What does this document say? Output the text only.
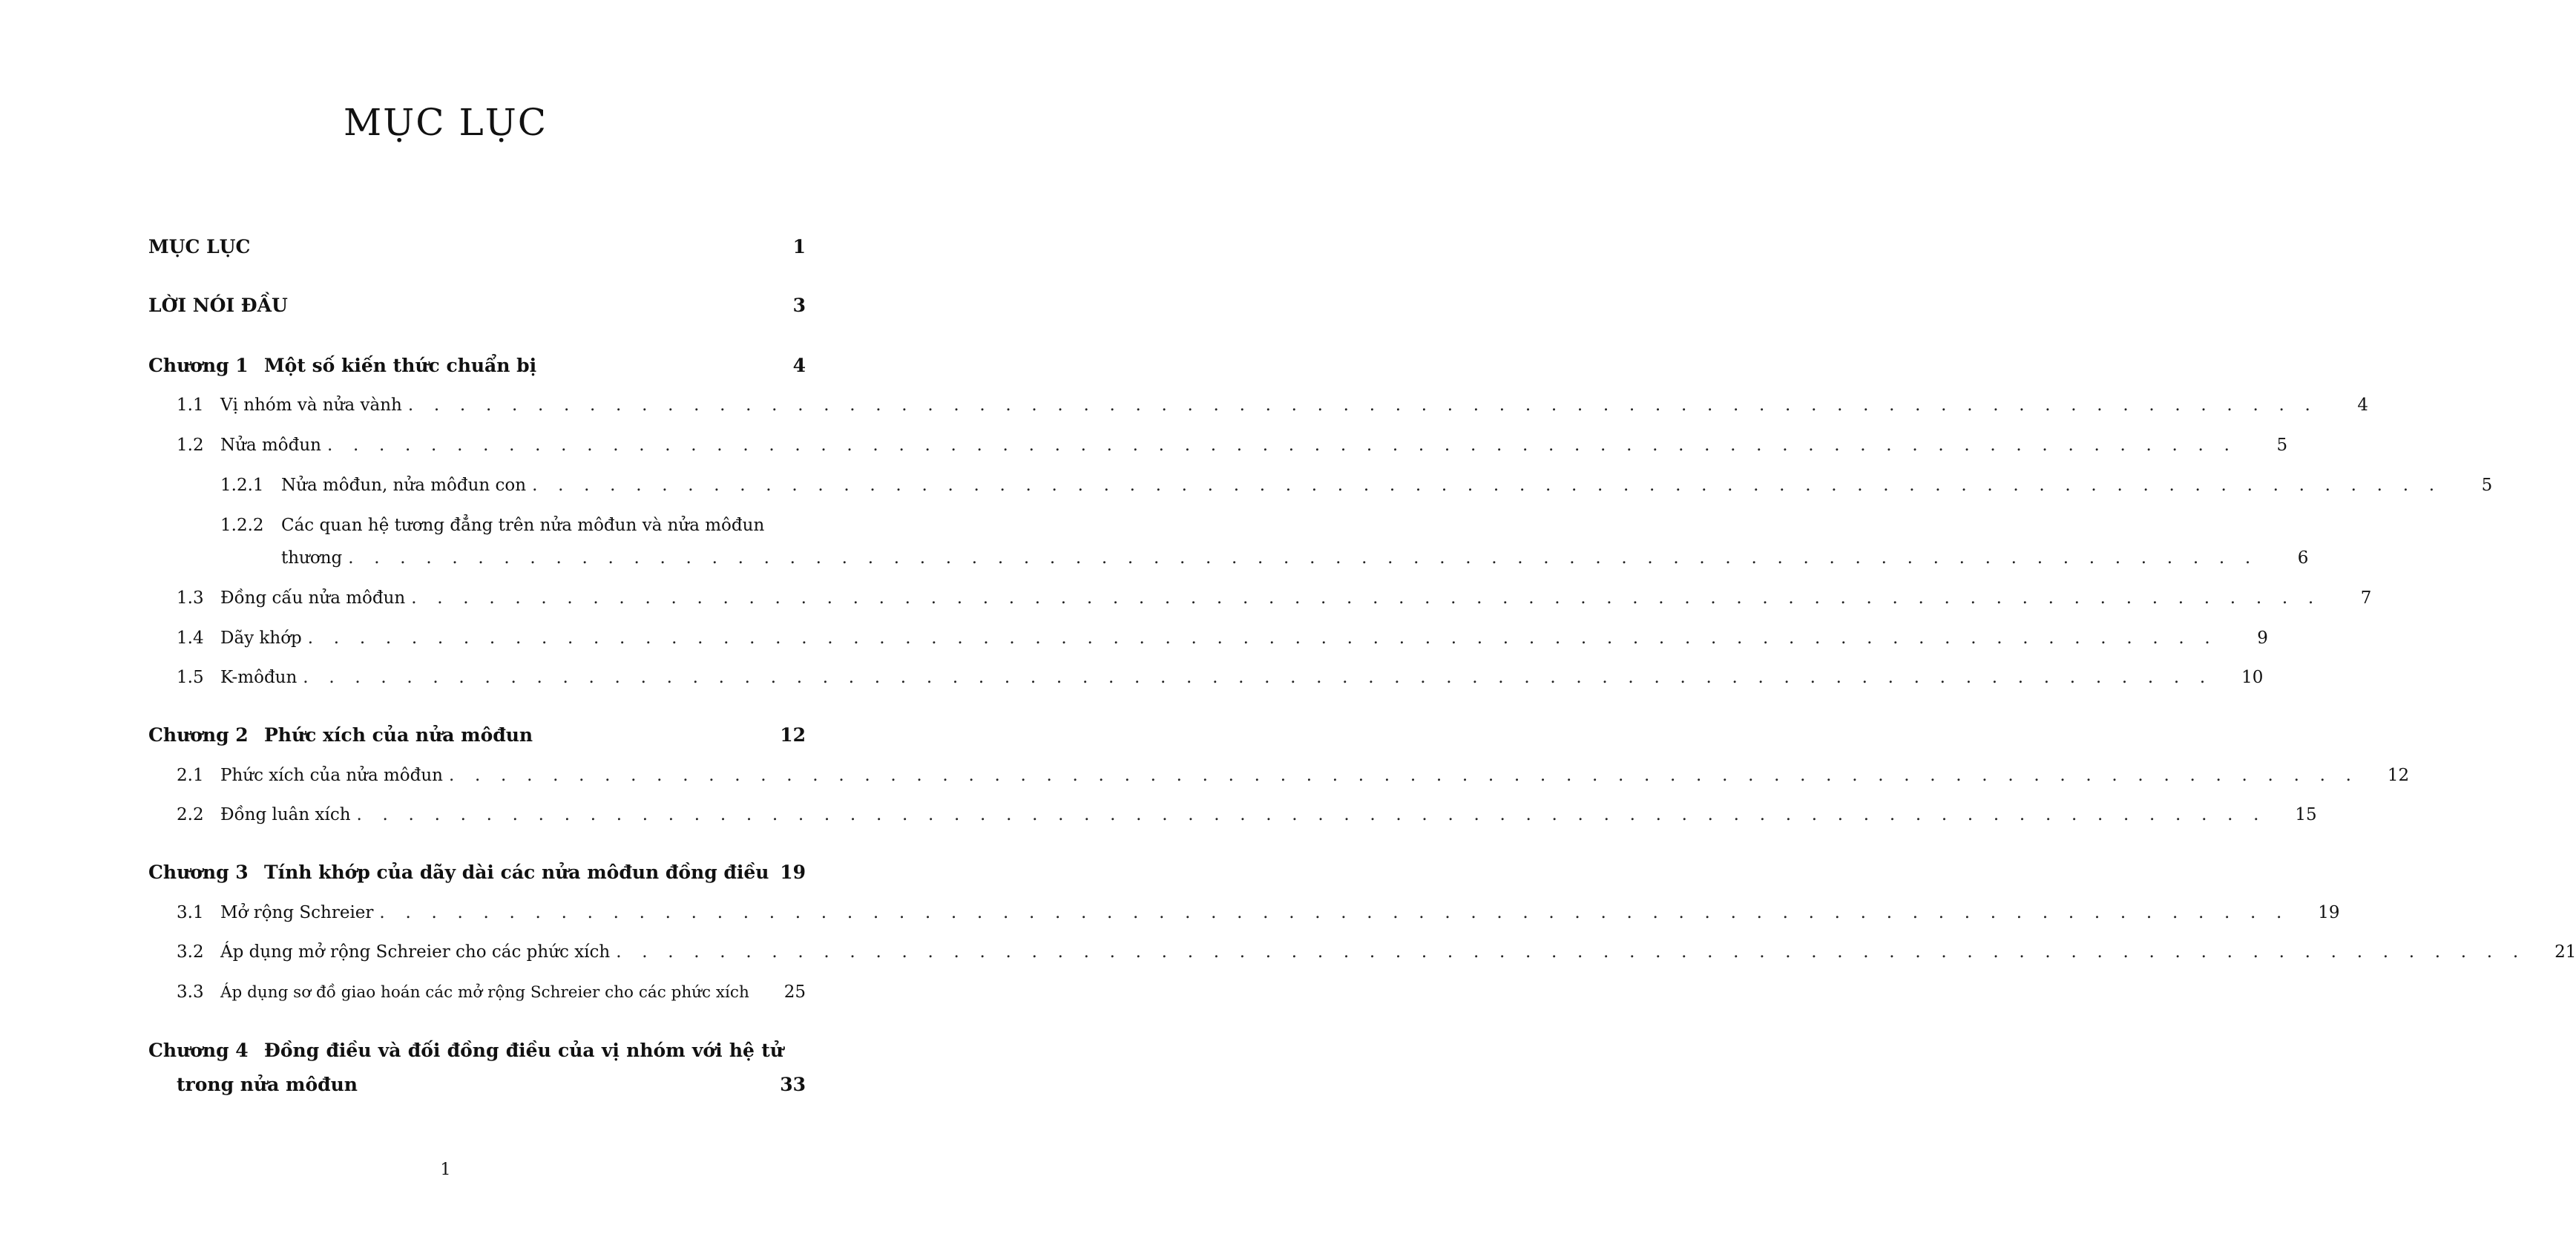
MỤC LỤC
MỤC LỤC	1
LỜI NÓI ĐẦU	3
Chương 1 Một số kiến thức chuẩn bị	4
1.1 Vị nhóm và nửa vành . . . . . . . . . . . . . . . . . . . . . . . . . . . . . . . . . . . . . . . . . . . . . . . . . . . . . . . . . . . . . . . . . . . . . . . . . .	4
1.2 Nửa môđun . . . . . . . . . . . . . . . . . . . . . . . . . . . . . . . . . . . . . . . . . . . . . . . . . . . . . . . . . . . . . . . . . . . . . . . . . .	5
1.2.1	Nửa môđun, nửa môđun con . . . . . . . . . . . . . . . . . . . . . . . . . . . . . . . . . . . . . . . . . . . . . . . . . . . . . . . . . . . . . . . . . . . . . . . . . .	5
1.2.2	Các quan hệ tương đẳng trên nửa môđun và nửa môđun
thương . . . . . . . . . . . . . . . . . . . . . . . . . . . . . . . . . . . . . . . . . . . . . . . . . . . . . . . . . . . . . . . . . . . . . . . . . .	6
1.3 Đồng cấu nửa môđun . . . . . . . . . . . . . . . . . . . . . . . . . . . . . . . . . . . . . . . . . . . . . . . . . . . . . . . . . . . . . . . . . . . . . . . . . .	7
1.4 Dãy khớp . . . . . . . . . . . . . . . . . . . . . . . . . . . . . . . . . . . . . . . . . . . . . . . . . . . . . . . . . . . . . . . . . . . . . . . . . .	9
1.5 K-môđun . . . . . . . . . . . . . . . . . . . . . . . . . . . . . . . . . . . . . . . . . . . . . . . . . . . . . . . . . . . . . . . . . . . . . . . . . .	10
Chương 2 Phức xích của nửa môđun	12
2.1 Phức xích của nửa môđun . . . . . . . . . . . . . . . . . . . . . . . . . . . . . . . . . . . . . . . . . . . . . . . . . . . . . . . . . . . . . . . . . . . . . . . . . .	12
2.2 Đồng luân xích . . . . . . . . . . . . . . . . . . . . . . . . . . . . . . . . . . . . . . . . . . . . . . . . . . . . . . . . . . . . . . . . . . . . . . . . . .	15
Chương 3 Tính khớp của dãy dài các nửa môđun đồng điều 19
3.1 Mở rộng Schreier . . . . . . . . . . . . . . . . . . . . . . . . . . . . . . . . . . . . . . . . . . . . . . . . . . . . . . . . . . . . . . . . . . . . . . . . . .	19
3.2 Áp dụng mở rộng Schreier cho các phức xích . . . . . . . . . . . . . . . . . . . . . . . . . . . . . . . . . . . . . . . . . . . . . . . . . . . . . . . . . . . . . . . . . . . . . . . . . .	21
3.3	Áp dụng sơ đồ giao hoán các mở rộng Schreier cho các phức xích	25
Chương 4 Đồng điều và đối đồng điều của vị nhóm với hệ tử
trong nửa môđun	33
1
